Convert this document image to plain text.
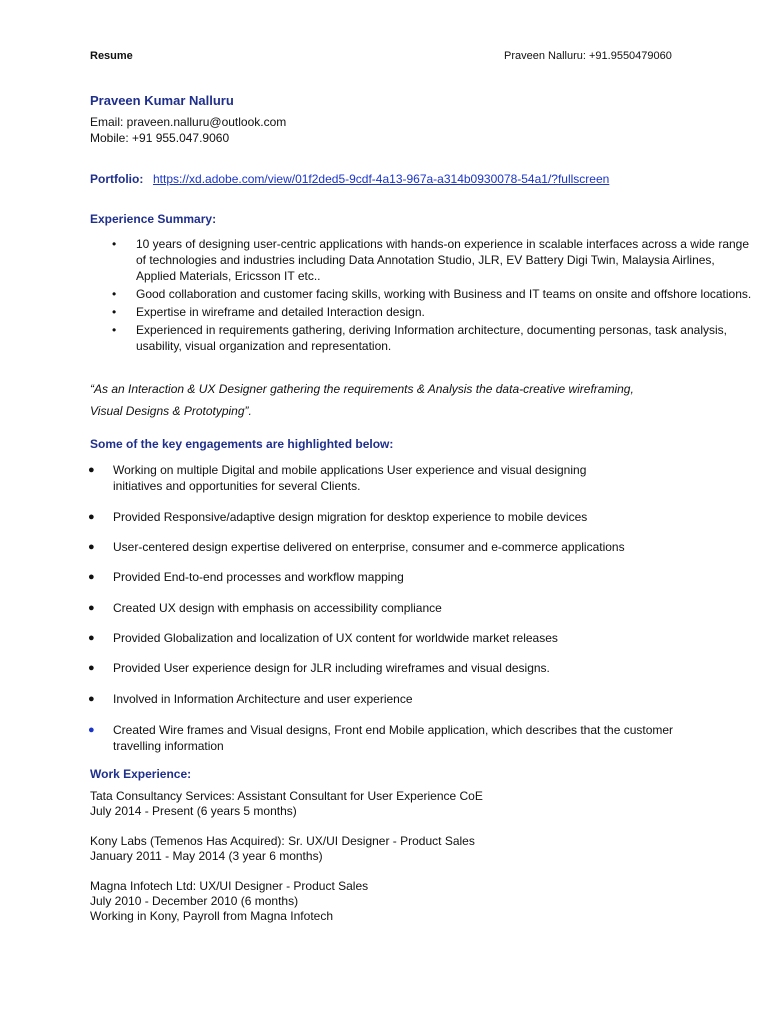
Resume	Praveen Nalluru: +91.9550479060
Praveen Kumar Nalluru
Email: praveen.nalluru@outlook.com
Mobile: +91 955.047.9060
Portfolio: https://xd.adobe.com/view/01f2ded5-9cdf-4a13-967a-a314b0930078-54a1/?fullscreen
Experience Summary:
• 10 years of designing user-centric applications with hands-on experience in scalable interfaces across a wide range of technologies and industries including Data Annotation Studio, JLR, EV Battery Digi Twin, Malaysia Airlines, Applied Materials, Ericsson IT etc..
• Good collaboration and customer facing skills, working with Business and IT teams on onsite and offshore locations.
• Expertise in wireframe and detailed Interaction design.
• Experienced in requirements gathering, deriving Information architecture, documenting personas, task analysis, usability, visual organization and representation.
“As an Interaction & UX Designer gathering the requirements & Analysis the data-creative wireframing,
Visual Designs & Prototyping”.
Some of the key engagements are highlighted below:
●	Working on multiple Digital and mobile applications User experience and visual designing initiatives and opportunities for several Clients.
●	Provided Responsive/adaptive design migration for desktop experience to mobile devices
●	User-centered design expertise delivered on enterprise, consumer and e-commerce applications
●	Provided End-to-end processes and workflow mapping
●	Created UX design with emphasis on accessibility compliance
●	Provided Globalization and localization of UX content for worldwide market releases
●	Provided User experience design for JLR including wireframes and visual designs.
●	Involved in Information Architecture and user experience
●	Created Wire frames and Visual designs, Front end Mobile application, which describes that the customer travelling information
Work Experience:
Tata Consultancy Services: Assistant Consultant for User Experience CoE
July 2014 - Present (6 years 5 months)
Kony Labs (Temenos Has Acquired): Sr. UX/UI Designer - Product Sales
January 2011 - May 2014 (3 year 6 months)
Magna Infotech Ltd: UX/UI Designer - Product Sales
July 2010 - December 2010 (6 months)
Working in Kony, Payroll from Magna Infotech
